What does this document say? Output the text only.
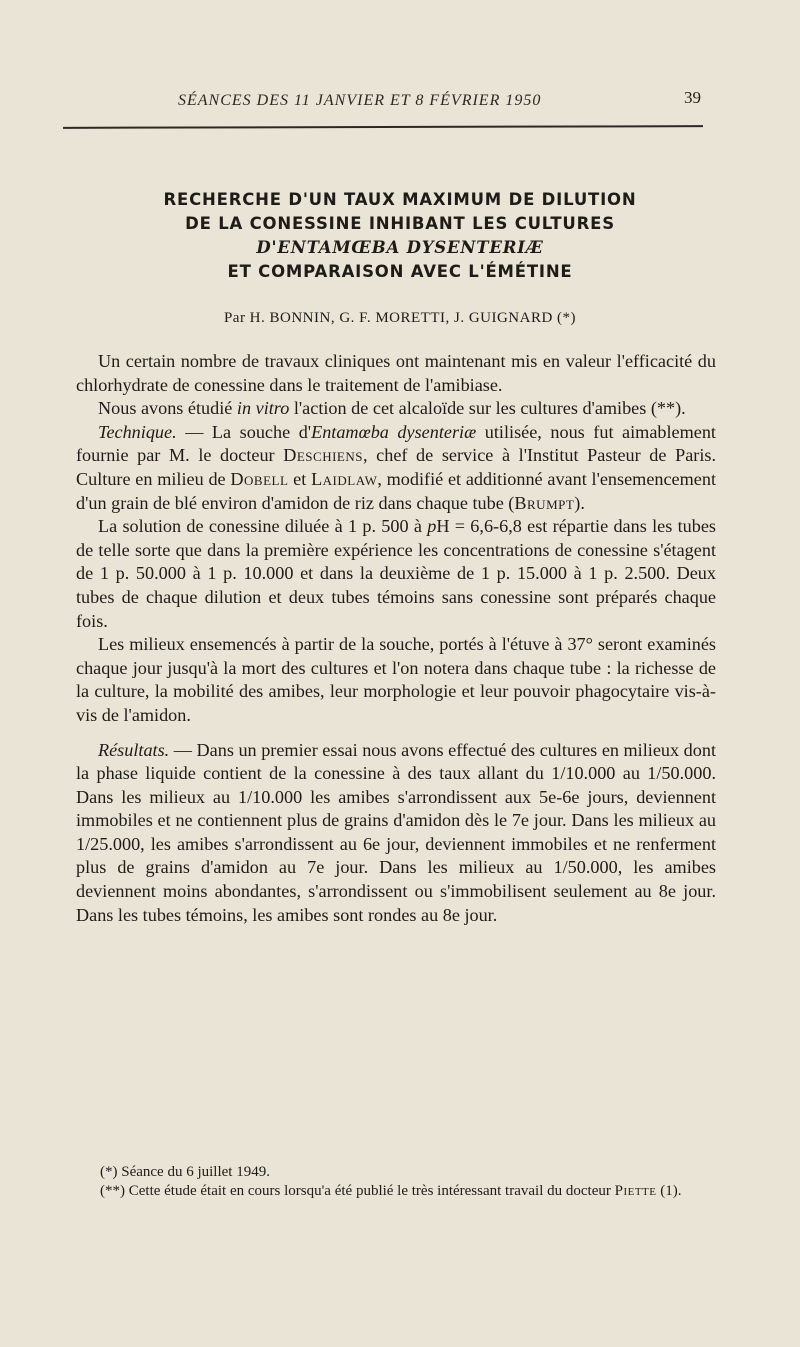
SÉANCES DES 11 JANVIER ET 8 FÉVRIER 1950	39
RECHERCHE D'UN TAUX MAXIMUM DE DILUTION
DE LA CONESSINE INHIBANT LES CULTURES
D'ENTAMŒBA DYSENTERIÆ
ET COMPARAISON AVEC L'ÉMÉTINE
Par H. BONNIN, G. F. MORETTI, J. GUIGNARD (*)

Un certain nombre de travaux cliniques ont maintenant mis en valeur l'efficacité du chlorhydrate de conessine dans le traitement de l'amibiase.

Nous avons étudié in vitro l'action de cet alcaloïde sur les cultures d'amibes (**).

Technique. — La souche d'Entamœba dysenteriæ utilisée, nous fut aimablement fournie par M. le docteur Deschiens, chef de service à l'Institut Pasteur de Paris. Culture en milieu de Dobell et Laidlaw, modifié et additionné avant l'ensemencement d'un grain de blé environ d'amidon de riz dans chaque tube (Brumpt).

La solution de conessine diluée à 1 p. 500 à pH = 6,6-6,8 est répartie dans les tubes de telle sorte que dans la première expérience les concentrations de conessine s'étagent de 1 p. 50.000 à 1 p. 10.000 et dans la deuxième de 1 p. 15.000 à 1 p. 2.500. Deux tubes de chaque dilution et deux tubes témoins sans conessine sont préparés chaque fois.

Les milieux ensemencés à partir de la souche, portés à l'étuve à 37° seront examinés chaque jour jusqu'à la mort des cultures et l'on notera dans chaque tube : la richesse de la culture, la mobilité des amibes, leur morphologie et leur pouvoir phagocytaire vis-à-vis de l'amidon.

Résultats. — Dans un premier essai nous avons effectué des cultures en milieux dont la phase liquide contient de la conessine à des taux allant du 1/10.000 au 1/50.000. Dans les milieux au 1/10.000 les amibes s'arrondissent aux 5e-6e jours, deviennent immobiles et ne contiennent plus de grains d'amidon dès le 7e jour. Dans les milieux au 1/25.000, les amibes s'arrondissent au 6e jour, deviennent immobiles et ne renferment plus de grains d'amidon au 7e jour. Dans les milieux au 1/50.000, les amibes deviennent moins abondantes, s'arrondissent ou s'immobilisent seulement au 8e jour. Dans les tubes témoins, les amibes sont rondes au 8e jour.

(*) Séance du 6 juillet 1949.

(**) Cette étude était en cours lorsqu'a été publié le très intéressant travail du docteur Piette (1).
